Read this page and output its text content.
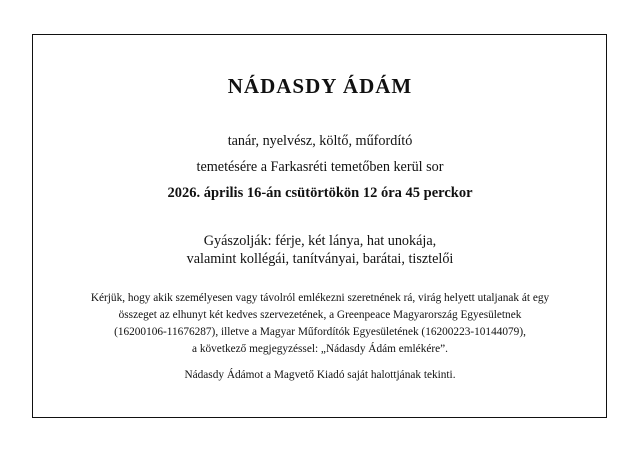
NÁDASDY ÁDÁM
tanár, nyelvész, költő, műfordító
temetésére a Farkasréti temetőben kerül sor
2026. április 16-án csütörtökön 12 óra 45 perckor
Gyászolják: férje, két lánya, hat unokája,
valamint kollégái, tanítványai, barátai, tisztelői
Kérjük, hogy akik személyesen vagy távolról emlékezni szeretnének rá, virág helyett utaljanak át egy
összeget az elhunyt két kedves szervezetének, a Greenpeace Magyarország Egyesületnek
(16200106-11676287), illetve a Magyar Műfordítók Egyesületének (16200223-10144079),
a következő megjegyzéssel: „Nádasdy Ádám emlékére”.
Nádasdy Ádámot a Magvető Kiadó saját halottjának tekinti.
